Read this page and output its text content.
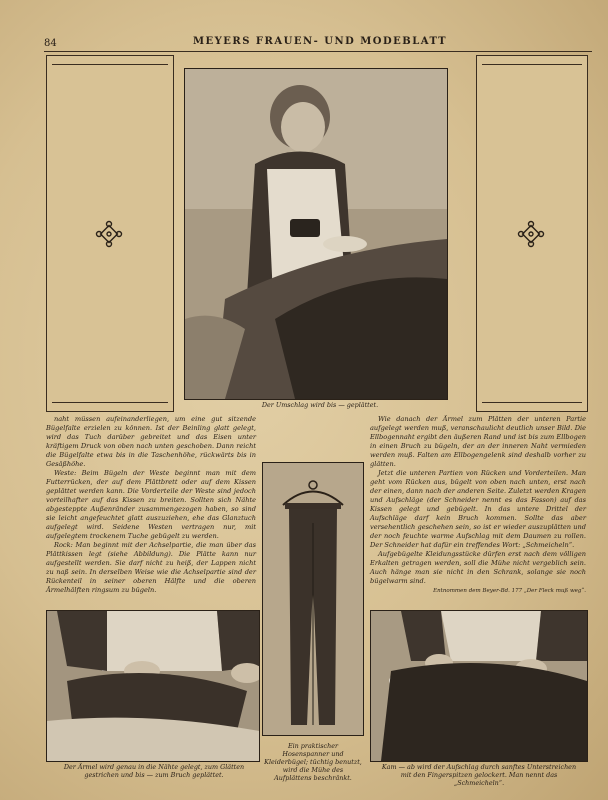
84	MEYERS FRAUEN- UND MODEBLATT
Der Umschlag wird bis — geplättet.

naht müssen aufeinanderliegen, um eine gut sitzende Bügelfalte erzielen zu können. Ist der Beinling glatt gelegt, wird das Tuch darüber gebreitet und das Eisen unter kräftigem Druck von oben nach unten geschoben. Dann reicht die Bügelfalte etwa bis in die Taschenhöhe, rückwärts bis in Gesäßhöhe.

Weste: Beim Bügeln der Weste beginnt man mit dem Futterrücken, der auf dem Plättbrett oder auf dem Kissen geplättet werden kann. Die Vorderteile der Weste sind jedoch vorteilhafter auf das Kissen zu breiten. Sollten sich Nähte abgesteppte Außenränder zusammengezogen haben, so sind sie leicht angefeuchtet glatt auszuziehen, ehe das Glanztuch aufgelegt wird. Seidene Westen vertragen nur, mit aufgelegtem trockenem Tuche gebügelt zu werden.

Rock: Man beginnt mit der Achselpartie, die man über das Plättkissen legt (siehe Abbildung). Die Plätte kann nur aufgestellt werden. Sie darf nicht zu heiß, der Lappen nicht zu naß sein. In derselben Weise wie die Achselpartie sind der Rückenteil in seiner oberen Hälfte und die oberen Ärmelhälften ringsum zu bügeln.

Ein praktischer Hosenspanner und Kleiderbügel; tüchtig benutzt, wird die Mühe des Aufplättens beschränkt.

Wie danach der Ärmel zum Plätten der unteren Partie aufgelegt werden muß, veranschaulicht deutlich unser Bild. Die Ellbogennaht ergibt den äußeren Rand und ist bis zum Ellbogen in einen Bruch zu bügeln, der an der inneren Naht vermieden werden muß. Falten am Ellbogengelenk sind deshalb vorher zu glätten.

Jetzt die unteren Partien von Rücken und Vorderteilen. Man geht vom Rücken aus, bügelt von oben nach unten, erst nach der einen, dann nach der anderen Seite. Zuletzt werden Kragen und Aufschläge (der Schneider nennt es das Fasson) auf das Kissen gelegt und gebügelt. In das untere Drittel der Aufschläge darf kein Bruch kommen. Sollte das aber versehentlich geschehen sein, so ist er wieder auszuplätten und der noch feuchte warme Aufschlag mit dem Daumen zu rollen. Der Schneider hat dafür ein treffendes Wort: „Schmeicheln“.

Aufgebügelte Kleidungsstücke dürfen erst nach dem völligen Erkalten getragen werden, soll die Mühe nicht vergeblich sein. Auch hänge man sie nicht in den Schrank, solange sie noch bügelwarm sind.

Entnommen dem Beyer-Bd. 177 „Der Fleck muß weg“.
Der Ärmel wird genau in die Nähte gelegt, zum Glätten gestrichen und bis — zum Bruch geplättet.
Kam — ab wird der Aufschlag durch sanftes Unterstreichen mit den Fingerspitzen gelockert. Man nennt das „Schmeicheln“.
